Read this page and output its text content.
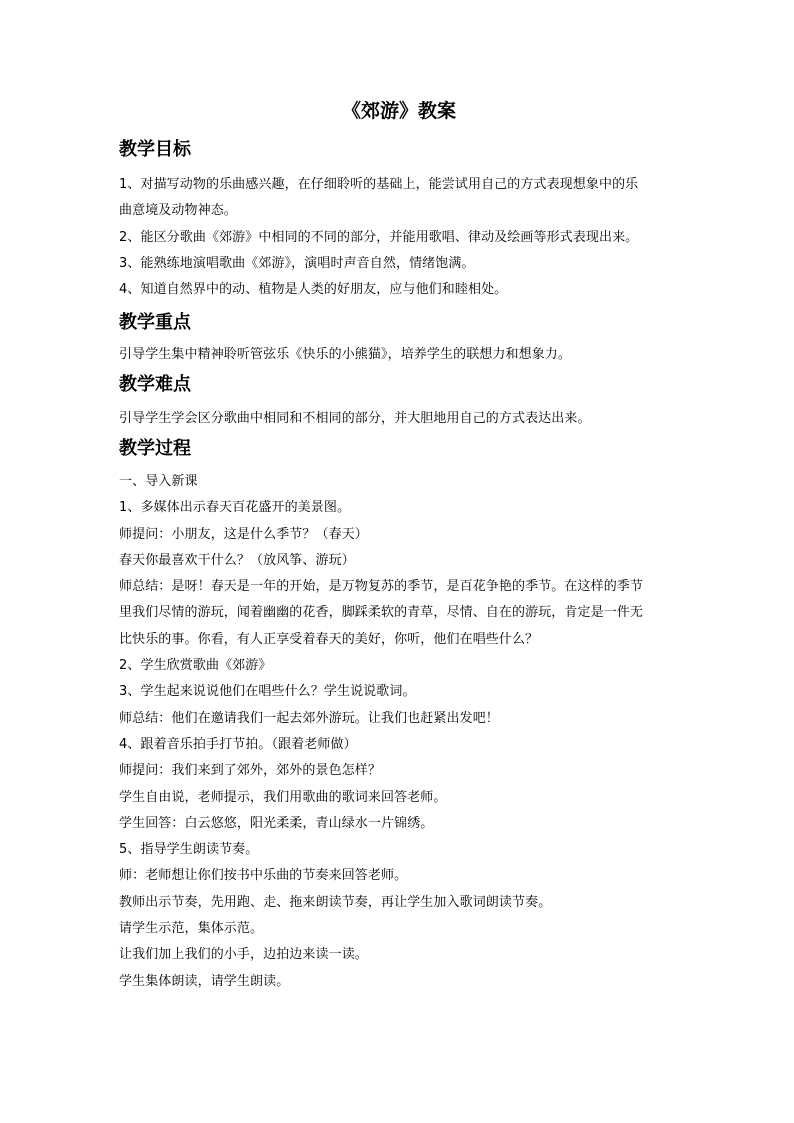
《郊游》教案
教学目标
1、对描写动物的乐曲感兴趣，在仔细聆听的基础上，能尝试用自己的方式表现想象中的乐
曲意境及动物神态。
2、能区分歌曲《郊游》中相同的不同的部分，并能用歌唱、律动及绘画等形式表现出来。
3、能熟练地演唱歌曲《郊游》，演唱时声音自然，情绪饱满。
4、知道自然界中的动、植物是人类的好朋友，应与他们和睦相处。
教学重点
引导学生集中精神聆听管弦乐《快乐的小熊猫》，培养学生的联想力和想象力。
教学难点
引导学生学会区分歌曲中相同和不相同的部分，并大胆地用自己的方式表达出来。
教学过程
一、导入新课
1、多媒体出示春天百花盛开的美景图。
师提问：小朋友，这是什么季节？（春天）
春天你最喜欢干什么？（放风筝、游玩）
师总结：是呀！春天是一年的开始，是万物复苏的季节，是百花争艳的季节。在这样的季节
里我们尽情的游玩，闻着幽幽的花香，脚踩柔软的青草，尽情、自在的游玩，肯定是一件无
比快乐的事。你看，有人正享受着春天的美好，你听，他们在唱些什么？
2、学生欣赏歌曲《郊游》
3、学生起来说说他们在唱些什么？学生说说歌词。
师总结：他们在邀请我们一起去郊外游玩。让我们也赶紧出发吧！
4、跟着音乐拍手打节拍。（跟着老师做）
师提问：我们来到了郊外，郊外的景色怎样？
学生自由说，老师提示，我们用歌曲的歌词来回答老师。
学生回答：白云悠悠，阳光柔柔，青山绿水一片锦绣。
5、指导学生朗读节奏。
师：老师想让你们按书中乐曲的节奏来回答老师。
教师出示节奏，先用跑、走、拖来朗读节奏，再让学生加入歌词朗读节奏。
请学生示范，集体示范。
让我们加上我们的小手，边拍边来读一读。
学生集体朗读，请学生朗读。
